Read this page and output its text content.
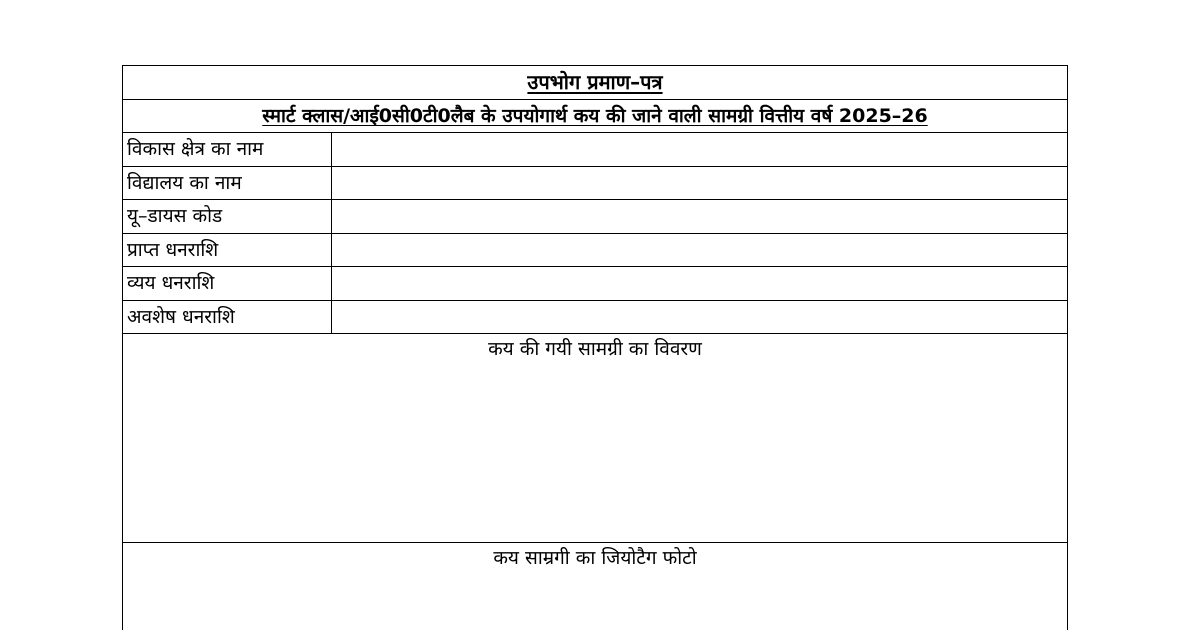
उपभोग प्रमाण–पत्र
स्मार्ट क्लास/आई0सी0टी0लैब के उपयोगार्थ कय की जाने वाली सामग्री वित्तीय वर्ष 2025–26
विकास क्षेत्र का नाम
विद्यालय का नाम
यू–डायस कोड
प्राप्त धनराशि
व्यय धनराशि
अवशेष धनराशि
कय की गयी सामग्री का विवरण
कय साम्रगी का जियोटैग फोटो
